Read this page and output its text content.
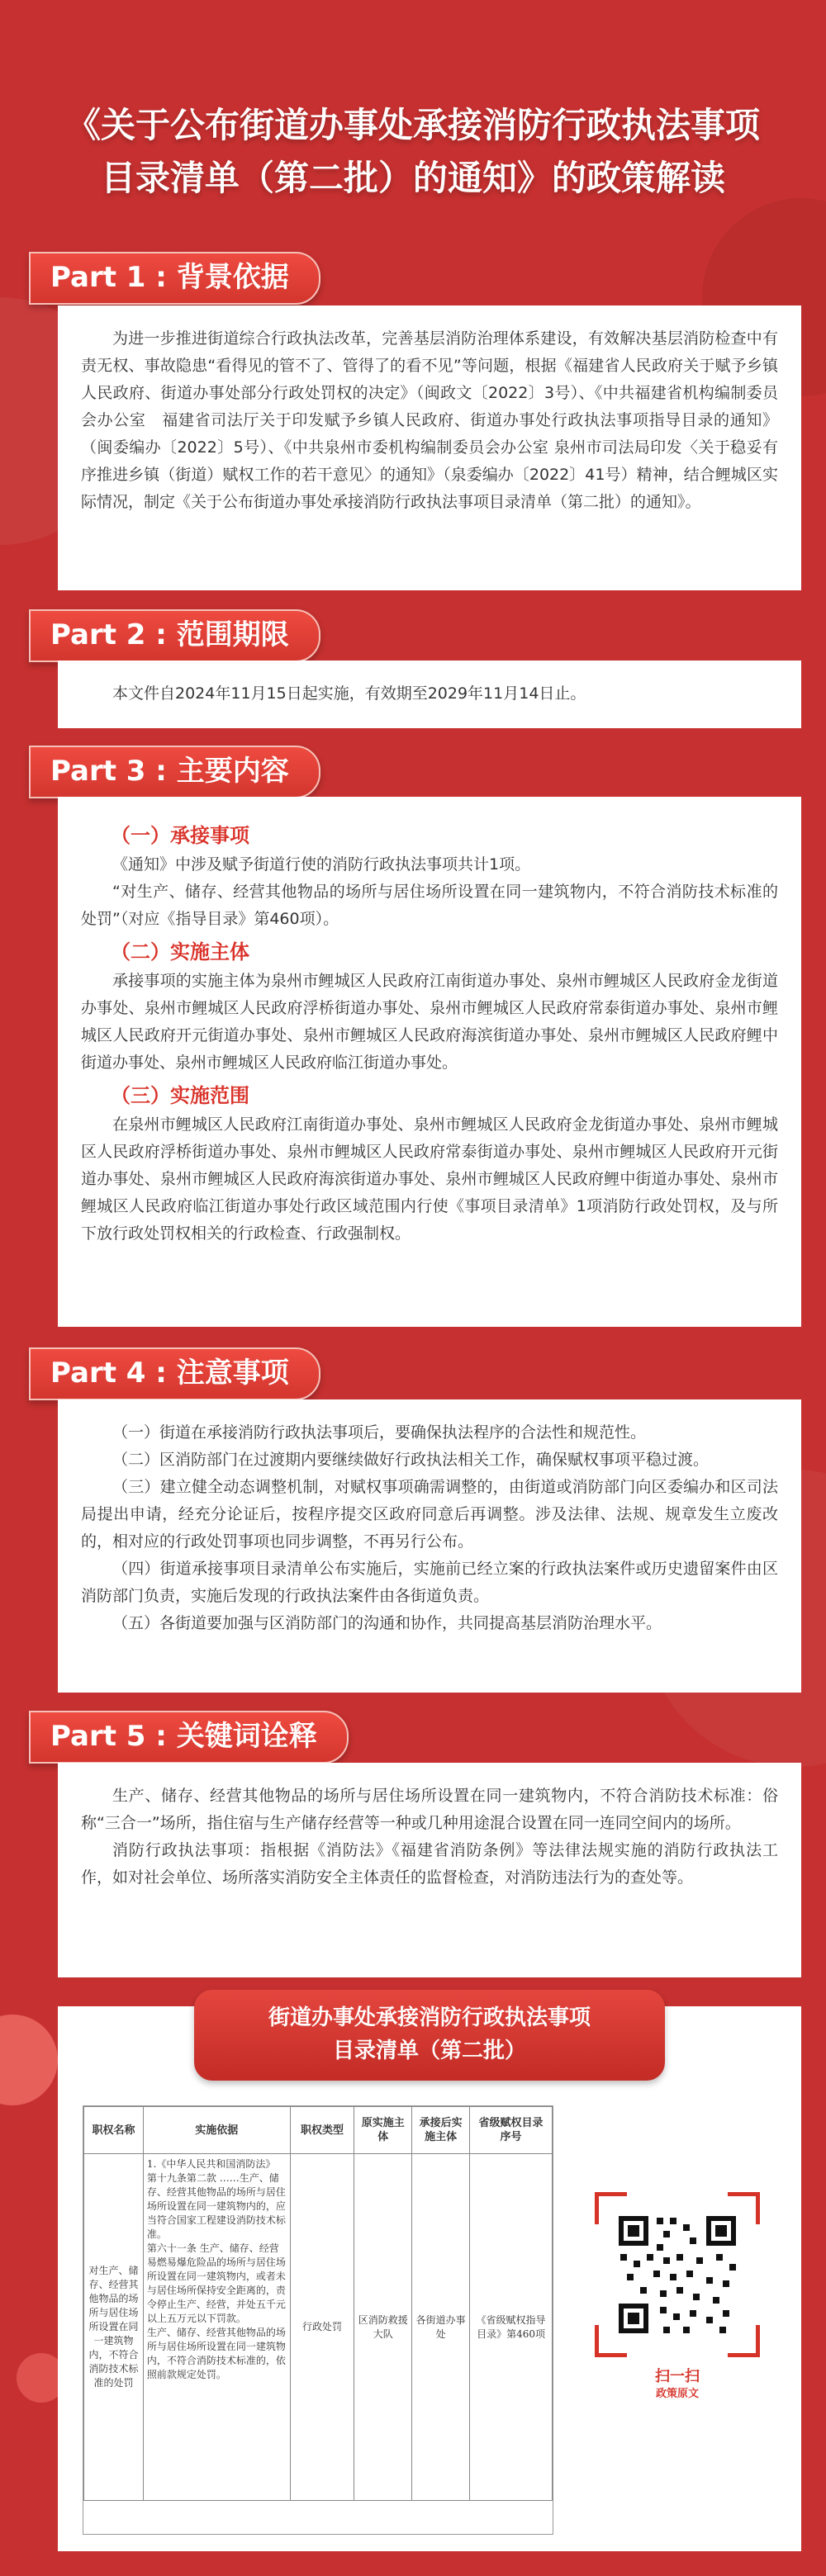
《关于公布街道办事处承接消防行政执法事项
目录清单（第二批）的通知》的政策解读
Part 1 : 背景依据

为进一步推进街道综合行政执法改革，完善基层消防治理体系建设，有效解决基层消防检查中有责无权、事故隐患“看得见的管不了、管得了的看不见”等问题，根据《福建省人民政府关于赋予乡镇人民政府、街道办事处部分行政处罚权的决定》（闽政文〔2022〕3号）、《中共福建省机构编制委员会办公室　福建省司法厅关于印发赋予乡镇人民政府、街道办事处行政执法事项指导目录的通知》（闽委编办〔2022〕5号）、《中共泉州市委机构编制委员会办公室 泉州市司法局印发〈关于稳妥有序推进乡镇（街道）赋权工作的若干意见〉的通知》（泉委编办〔2022〕41号）精神，结合鲤城区实际情况，制定《关于公布街道办事处承接消防行政执法事项目录清单（第二批）的通知》。

Part 2 : 范围期限

本文件自2024年11月15日起实施，有效期至2029年11月14日止。

Part 3 : 主要内容
（一）承接事项

《通知》中涉及赋予街道行使的消防行政执法事项共计1项。

“对生产、储存、经营其他物品的场所与居住场所设置在同一建筑物内，不符合消防技术标准的处罚”（对应《指导目录》第460项）。

（二）实施主体

承接事项的实施主体为泉州市鲤城区人民政府江南街道办事处、泉州市鲤城区人民政府金龙街道办事处、泉州市鲤城区人民政府浮桥街道办事处、泉州市鲤城区人民政府常泰街道办事处、泉州市鲤城区人民政府开元街道办事处、泉州市鲤城区人民政府海滨街道办事处、泉州市鲤城区人民政府鲤中街道办事处、泉州市鲤城区人民政府临江街道办事处。

（三）实施范围

在泉州市鲤城区人民政府江南街道办事处、泉州市鲤城区人民政府金龙街道办事处、泉州市鲤城区人民政府浮桥街道办事处、泉州市鲤城区人民政府常泰街道办事处、泉州市鲤城区人民政府开元街道办事处、泉州市鲤城区人民政府海滨街道办事处、泉州市鲤城区人民政府鲤中街道办事处、泉州市鲤城区人民政府临江街道办事处行政区域范围内行使《事项目录清单》1项消防行政处罚权，及与所下放行政处罚权相关的行政检查、行政强制权。

Part 4 : 注意事项

（一）街道在承接消防行政执法事项后，要确保执法程序的合法性和规范性。

（二）区消防部门在过渡期内要继续做好行政执法相关工作，确保赋权事项平稳过渡。

（三）建立健全动态调整机制，对赋权事项确需调整的，由街道或消防部门向区委编办和区司法局提出申请，经充分论证后，按程序提交区政府同意后再调整。涉及法律、法规、规章发生立废改的，相对应的行政处罚事项也同步调整，不再另行公布。

（四）街道承接事项目录清单公布实施后，实施前已经立案的行政执法案件或历史遗留案件由区消防部门负责，实施后发现的行政执法案件由各街道负责。

（五）各街道要加强与区消防部门的沟通和协作，共同提高基层消防治理水平。

Part 5 : 关键词诠释

生产、储存、经营其他物品的场所与居住场所设置在同一建筑物内，不符合消防技术标准：俗称“三合一”场所，指住宿与生产储存经营等一种或几种用途混合设置在同一连同空间内的场所。

消防行政执法事项：指根据《消防法》《福建省消防条例》等法律法规实施的消防行政执法工作，如对社会单位、场所落实消防安全主体责任的监督检查，对消防违法行为的查处等。

街道办事处承接消防行政执法事项
目录清单（第二批）
职权名称	实施依据	职权类型	原实施主体	承接后实施主体	省级赋权目录序号
对生产、储存、经营其他物品的场所与居住场所设置在同一建筑物内，不符合消防技术标准的处罚	1.《中华人民共和国消防法》
第十九条第二款 ……生产、储存、经营其他物品的场所与居住场所设置在同一建筑物内的，应当符合国家工程建设消防技术标准。
第六十一条 生产、储存、经营易燃易爆危险品的场所与居住场所设置在同一建筑物内，或者未与居住场所保持安全距离的，责令停止生产、经营，并处五千元以上五万元以下罚款。
生产、储存、经营其他物品的场所与居住场所设置在同一建筑物内，不符合消防技术标准的，依照前款规定处罚。	行政处罚	区消防救援大队	各街道办事处	《省级赋权指导目录》第460项
扫一扫
政策原文
